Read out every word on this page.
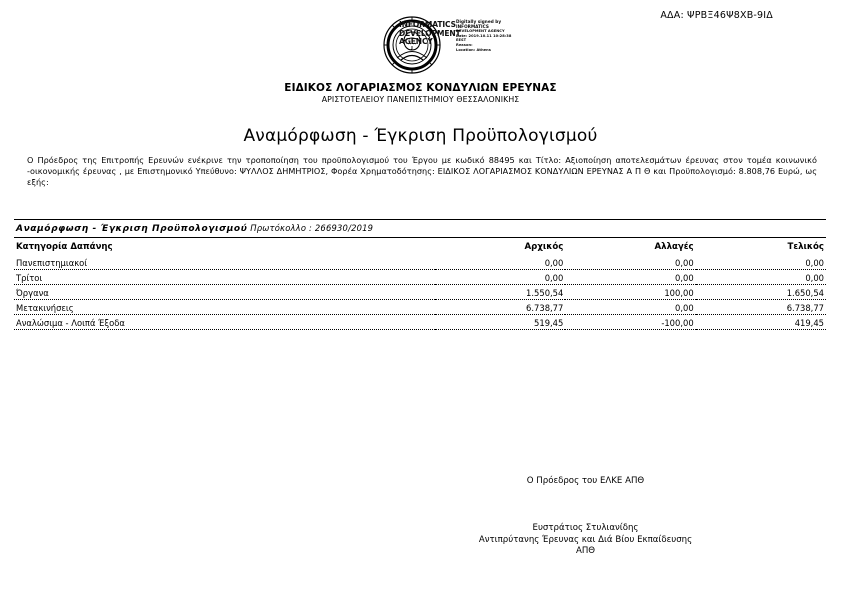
ΑΔΑ: ΨΡΒΞ46Ψ8ΧΒ-9ΙΔ
INFORMATICS DEVELOPMENT AGENCY
Digitally signed by
INFORMATICS
DEVELOPMENT AGENCY
Date: 2019.10.11 10:28:38
EEST
Reason:
Location: Athens
ΕΙΔΙΚΟΣ ΛΟΓΑΡΙΑΣΜΟΣ ΚΟΝΔΥΛΙΩΝ ΕΡΕΥΝΑΣ
ΑΡΙΣΤΟΤΕΛΕΙΟΥ ΠΑΝΕΠΙΣΤΗΜΙΟΥ ΘΕΣΣΑΛΟΝΙΚΗΣ
Αναμόρφωση - Έγκριση Προϋπολογισμού
Ο Πρόεδρος της Επιτροπής Ερευνών ενέκρινε την τροποποίηση του προϋπολογισμού του Έργου με κωδικό 88495 και Τίτλο: Αξιοποίηση αποτελεσμάτων έρευνας στον τομέα κοινωνικό -οικονομικής έρευνας , με Επιστημονικό Υπεύθυνο: ΨΥΛΛΟΣ ΔΗΜΗΤΡΙΟΣ, Φορέα Χρηματοδότησης: ΕΙΔΙΚΟΣ ΛΟΓΑΡΙΑΣΜΟΣ ΚΟΝΔΥΛΙΩΝ ΕΡΕΥΝΑΣ Α Π Θ και Προϋπολογισμό: 8.808,76 Ευρώ, ως εξής:
Αναμόρφωση - Έγκριση Προϋπολογισμού Πρωτόκολλο : 266930/2019
Κατηγορία Δαπάνης	Αρχικός	Αλλαγές	Τελικός
Πανεπιστημιακοί	0,00	0,00	0,00
Τρίτοι	0,00	0,00	0,00
Όργανα	1.550,54	100,00	1.650,54
Μετακινήσεις	6.738,77	0,00	6.738,77
Αναλώσιμα - Λοιπά Έξοδα	519,45	-100,00	419,45
Ο Πρόεδρος του ΕΛΚΕ ΑΠΘ
Ευστράτιος Στυλιανίδης
Αντιπρύτανης Έρευνας και Διά Βίου Εκπαίδευσης
ΑΠΘ
